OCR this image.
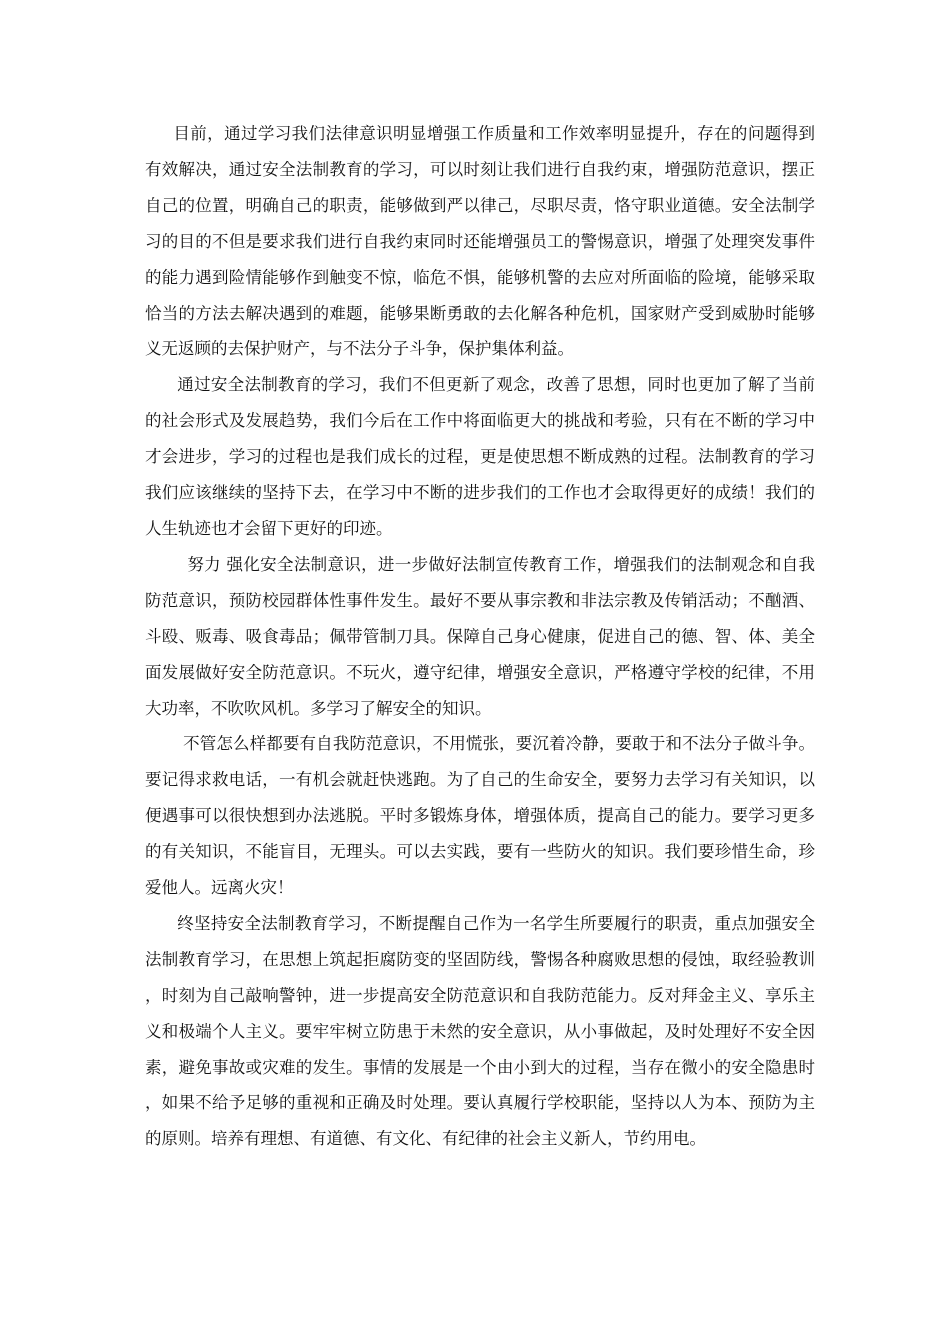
目前，通过学习我们法律意识明显增强工作质量和工作效率明显提升，存在的问题得到有效解决，通过安全法制教育的学习，可以时刻让我们进行自我约束，增强防范意识，摆正自己的位置，明确自己的职责，能够做到严以律己，尽职尽责，恪守职业道德。安全法制学习的目的不但是要求我们进行自我约束同时还能增强员工的警惕意识，增强了处理突发事件的能力遇到险情能够作到触变不惊，临危不惧，能够机警的去应对所面临的险境，能够采取恰当的方法去解决遇到的难题，能够果断勇敢的去化解各种危机，国家财产受到威胁时能够义无返顾的去保护财产，与不法分子斗争，保护集体利益。

通过安全法制教育的学习，我们不但更新了观念，改善了思想，同时也更加了解了当前的社会形式及发展趋势，我们今后在工作中将面临更大的挑战和考验，只有在不断的学习中才会进步，学习的过程也是我们成长的过程，更是使思想不断成熟的过程。法制教育的学习我们应该继续的坚持下去，在学习中不断的进步我们的工作也才会取得更好的成绩！我们的人生轨迹也才会留下更好的印迹。

努力 强化安全法制意识，进一步做好法制宣传教育工作，增强我们的法制观念和自我防范意识，预防校园群体性事件发生。最好不要从事宗教和非法宗教及传销活动；不酗酒、斗殴、贩毒、吸食毒品；佩带管制刀具。保障自己身心健康，促进自己的德、智、体、美全面发展做好安全防范意识。不玩火，遵守纪律，增强安全意识，严格遵守学校的纪律，不用大功率，不吹吹风机。多学习了解安全的知识。

不管怎么样都要有自我防范意识，不用慌张，要沉着冷静，要敢于和不法分子做斗争。要记得求救电话，一有机会就赶快逃跑。为了自己的生命安全，要努力去学习有关知识，以便遇事可以很快想到办法逃脱。平时多锻炼身体，增强体质，提高自己的能力。要学习更多的有关知识，不能盲目，无理头。可以去实践，要有一些防火的知识。我们要珍惜生命，珍爱他人。远离火灾！

终坚持安全法制教育学习，不断提醒自己作为一名学生所要履行的职责，重点加强安全法制教育学习，在思想上筑起拒腐防变的坚固防线，警惕各种腐败思想的侵蚀，取经验教训，时刻为自己敲响警钟，进一步提高安全防范意识和自我防范能力。反对拜金主义、享乐主义和极端个人主义。要牢牢树立防患于未然的安全意识，从小事做起，及时处理好不安全因素，避免事故或灾难的发生。事情的发展是一个由小到大的过程，当存在微小的安全隐患时，如果不给予足够的重视和正确及时处理。要认真履行学校职能，坚持以人为本、预防为主的原则。培养有理想、有道德、有文化、有纪律的社会主义新人，节约用电。
